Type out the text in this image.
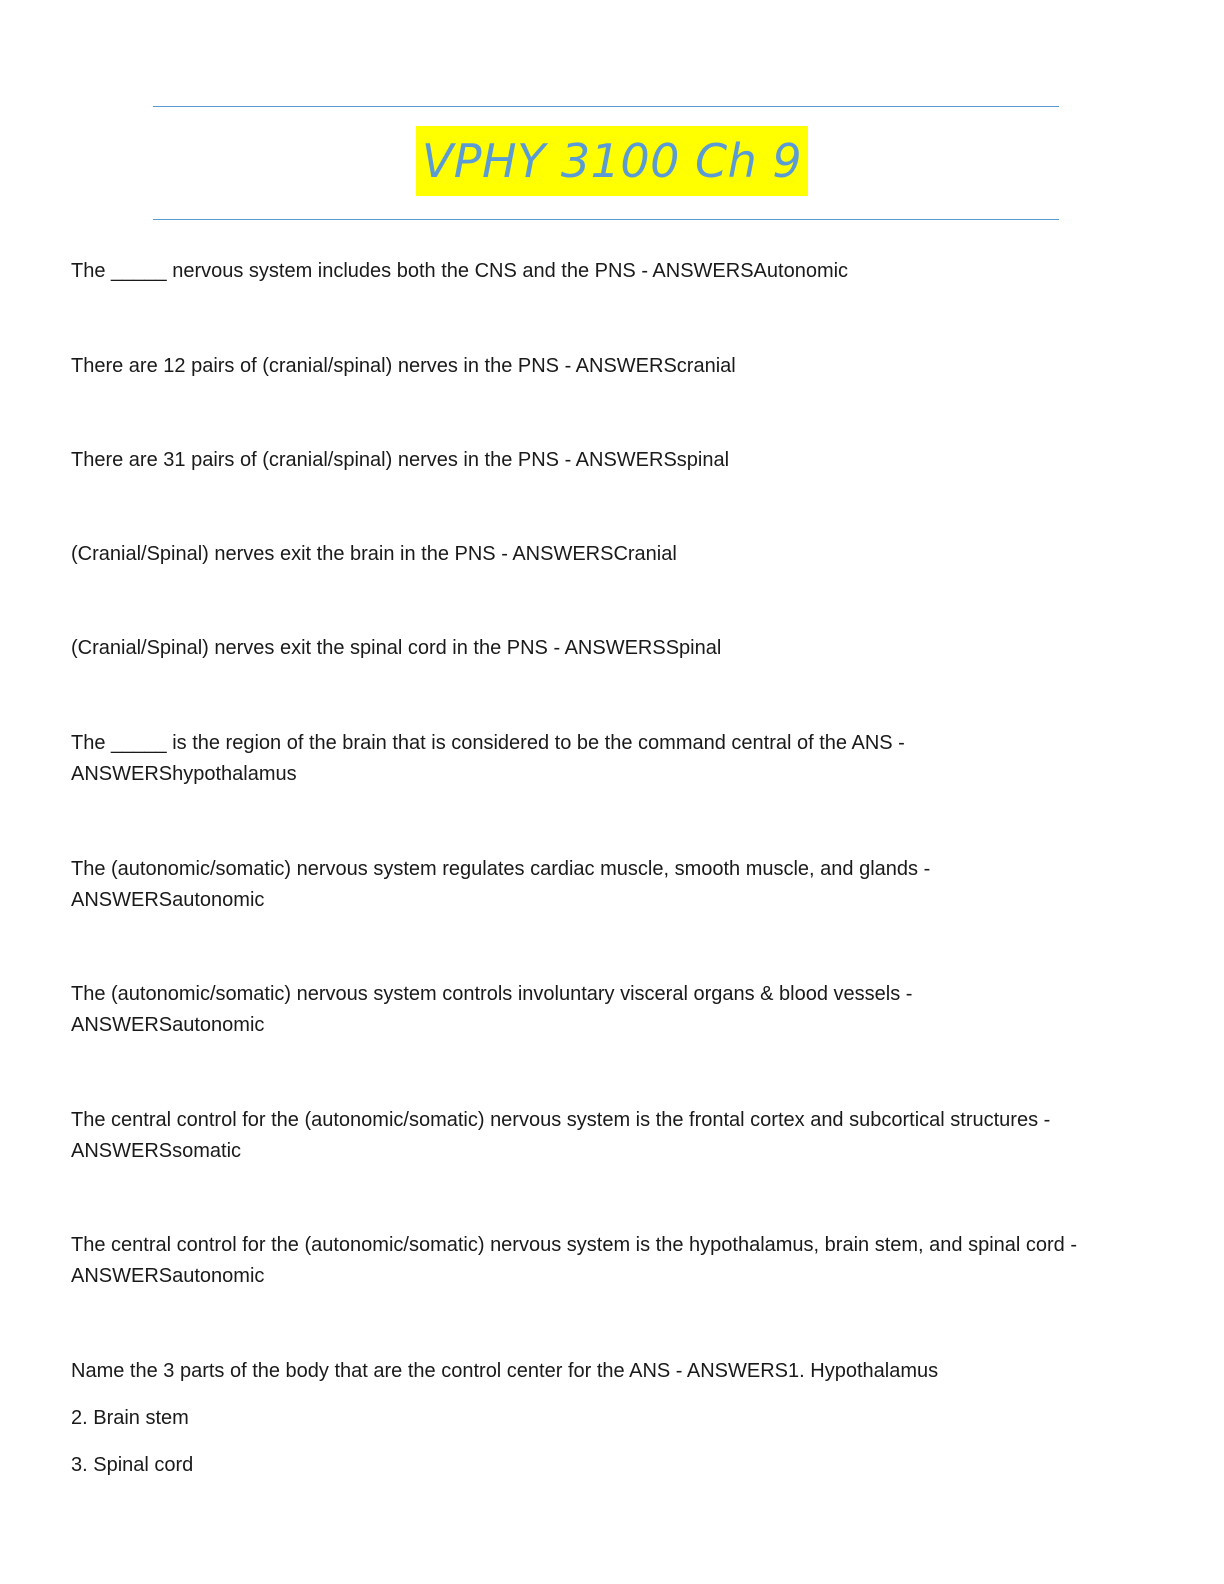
VPHY 3100 Ch 9

The _____ nervous system includes both the CNS and the PNS - ANSWERSAutonomic

There are 12 pairs of (cranial/spinal) nerves in the PNS - ANSWERScranial

There are 31 pairs of (cranial/spinal) nerves in the PNS - ANSWERSspinal

(Cranial/Spinal) nerves exit the brain in the PNS - ANSWERSCranial

(Cranial/Spinal) nerves exit the spinal cord in the PNS - ANSWERSSpinal

The _____ is the region of the brain that is considered to be the command central of the ANS - ANSWERShypothalamus

The (autonomic/somatic) nervous system regulates cardiac muscle, smooth muscle, and glands - ANSWERSautonomic

The (autonomic/somatic) nervous system controls involuntary visceral organs & blood vessels - ANSWERSautonomic

The central control for the (autonomic/somatic) nervous system is the frontal cortex and subcortical structures - ANSWERSsomatic

The central control for the (autonomic/somatic) nervous system is the hypothalamus, brain stem, and spinal cord - ANSWERSautonomic

Name the 3 parts of the body that are the control center for the ANS - ANSWERS1. Hypothalamus

2. Brain stem

3. Spinal cord
